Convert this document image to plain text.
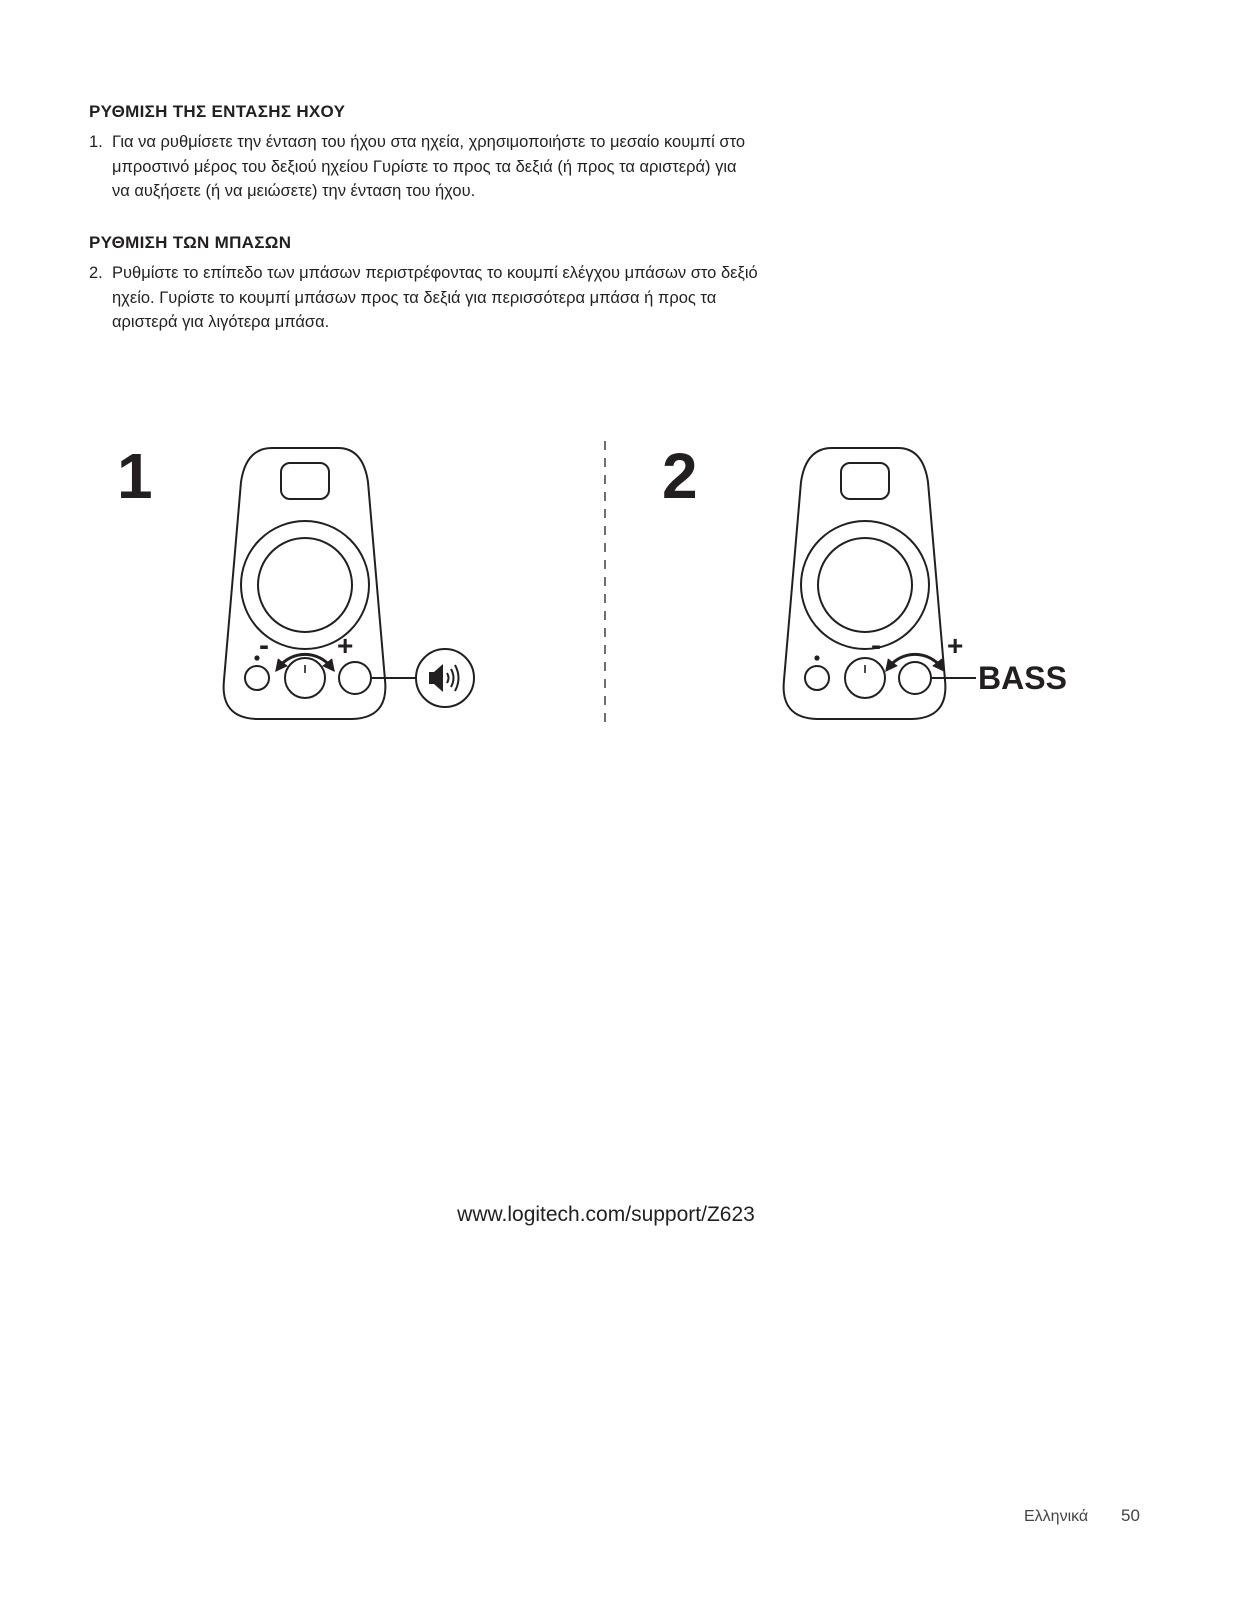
ΡΥΘΜΙΣΗ ΤΗΣ ΕΝΤΑΣΗΣ ΗΧΟΥ

1. Για να ρυθμίσετε την ένταση του ήχου στα ηχεία, χρησιμοποιήστε το μεσαίο κουμπί στο μπροστινό μέρος του δεξιού ηχείου Γυρίστε το προς τα δεξιά (ή προς τα αριστερά) για να αυξήσετε (ή να μειώσετε) την ένταση του ήχου.

ΡΥΘΜΙΣΗ ΤΩΝ ΜΠΑΣΩΝ

2. Ρυθμίστε το επίπεδο των μπάσων περιστρέφοντας το κουμπί ελέγχου μπάσων στο δεξιό ηχείο. Γυρίστε το κουμπί μπάσων προς τα δεξιά για περισσότερα μπάσα ή προς τα αριστερά για λιγότερα μπάσα.

1	2
- +	- +
BASS
www.logitech.com/support/Z623
Ελληνικά 50
